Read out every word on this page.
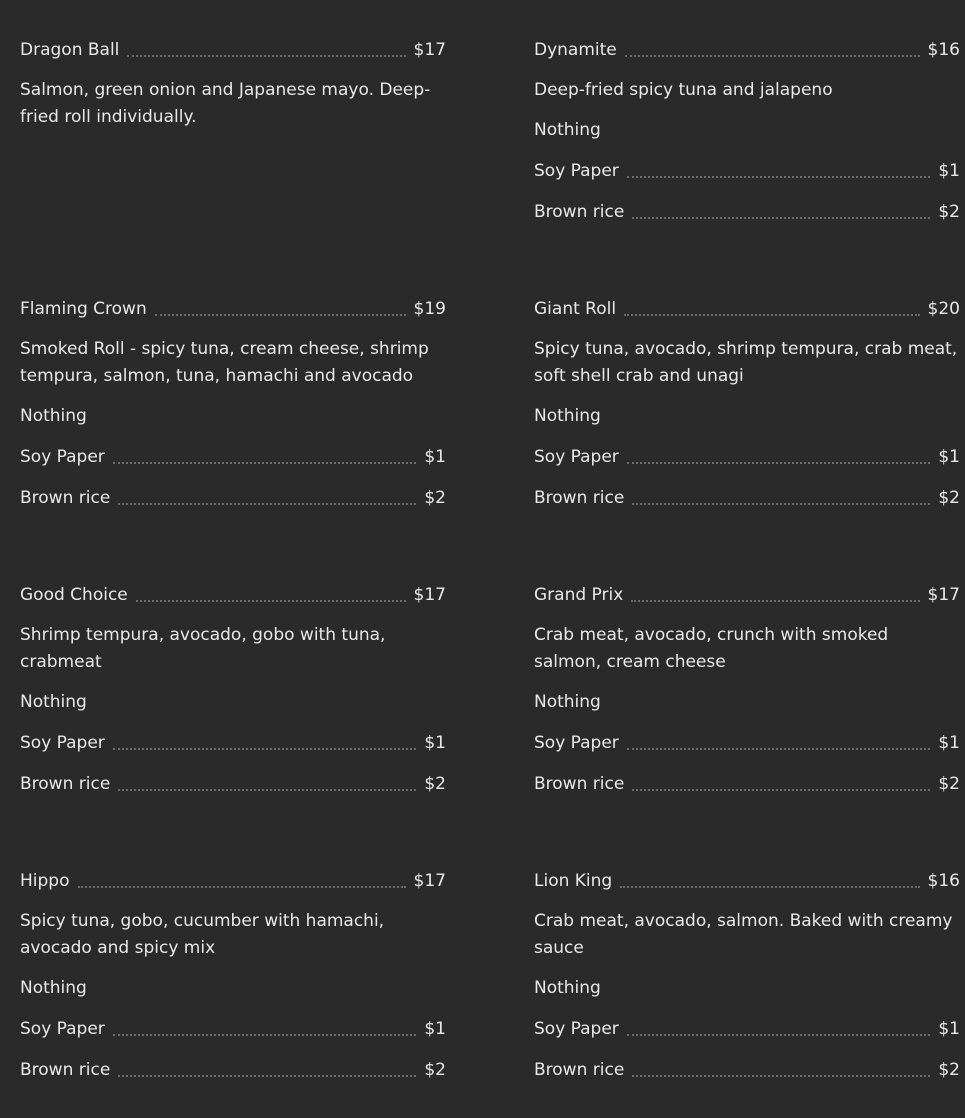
Dragon Ball	$17
Salmon, green onion and Japanese mayo. Deep-fried roll individually.
Dynamite	$16
Deep-fried spicy tuna and jalapeno
Nothing
Soy Paper	$1
Brown rice	$2
Flaming Crown	$19
Smoked Roll - spicy tuna, cream cheese, shrimp tempura, salmon, tuna, hamachi and avocado
Nothing
Soy Paper	$1
Brown rice	$2
Giant Roll	$20
Spicy tuna, avocado, shrimp tempura, crab meat, soft shell crab and unagi
Nothing
Soy Paper	$1
Brown rice	$2
Good Choice	$17
Shrimp tempura, avocado, gobo with tuna, crabmeat
Nothing
Soy Paper	$1
Brown rice	$2
Grand Prix	$17
Crab meat, avocado, crunch with smoked salmon, cream cheese
Nothing
Soy Paper	$1
Brown rice	$2
Hippo	$17
Spicy tuna, gobo, cucumber with hamachi, avocado and spicy mix
Nothing
Soy Paper	$1
Brown rice	$2
Lion King	$16
Crab meat, avocado, salmon. Baked with creamy sauce
Nothing
Soy Paper	$1
Brown rice	$2
